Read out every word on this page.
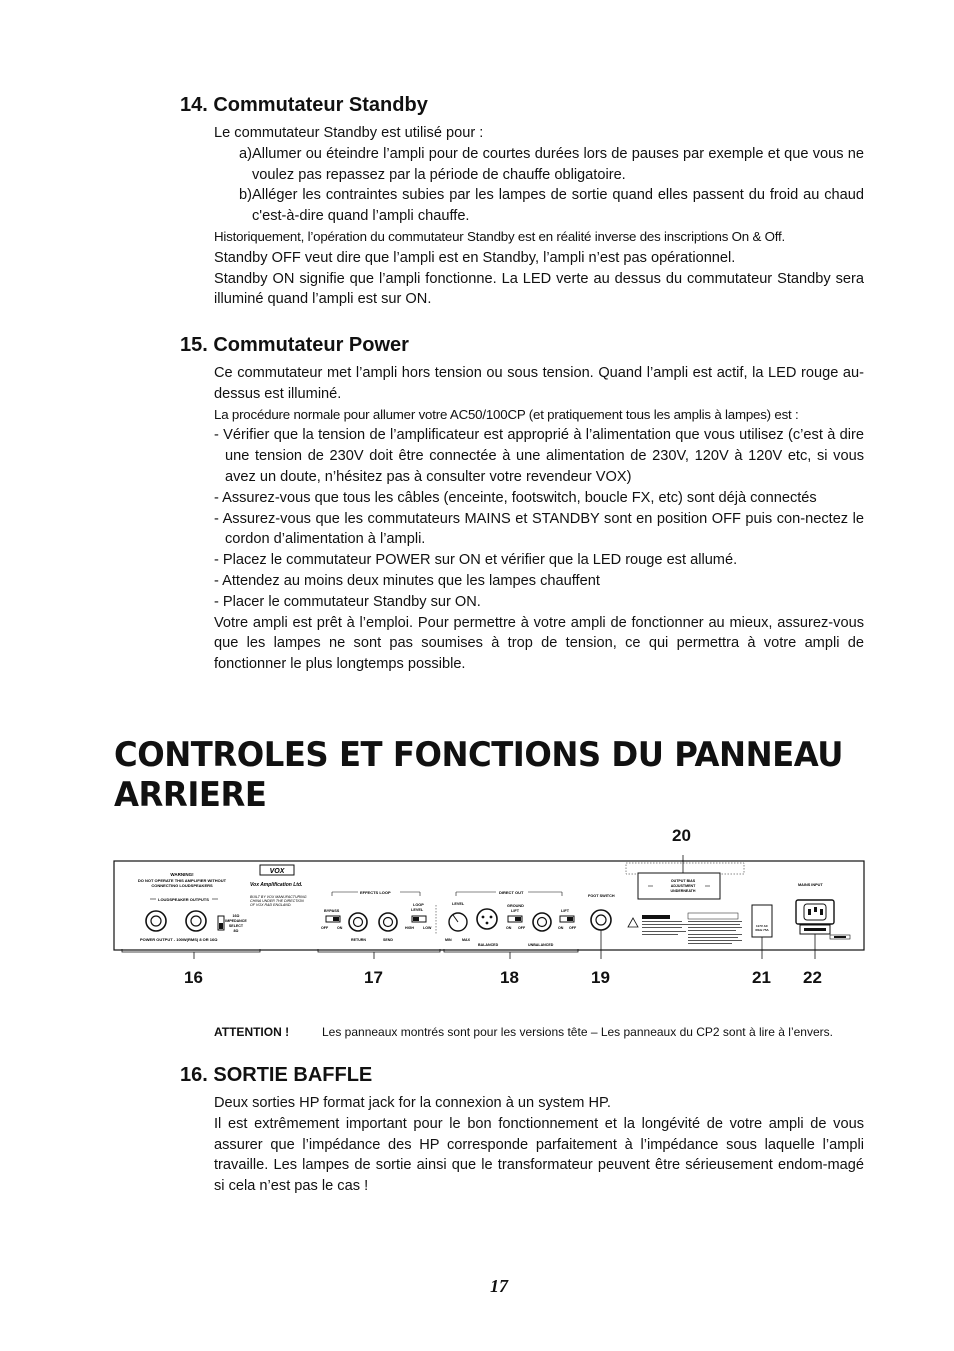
14. Commutateur Standby

Le commutateur Standby est utilisé pour :

a) Allumer ou éteindre l’ampli pour de courtes durées lors de pauses par exemple et que vous ne voulez pas repassez par la période de chauffe obligatoire.
b) Alléger les contraintes subies par les lampes de sortie quand elles passent du froid au chaud c'est-à-dire quand l’ampli chauffe.

Historiquement, l’opération du commutateur Standby est en réalité inverse des inscriptions On & Off.

Standby OFF veut dire que l’ampli est en Standby, l’ampli n’est pas opérationnel.

Standby ON signifie que l’ampli fonctionne. La LED verte au dessus du commutateur Standby sera illuminé quand l’ampli est sur ON.

15. Commutateur Power

Ce commutateur met l’ampli hors tension ou sous tension. Quand l’ampli est actif, la LED rouge au-dessus est illuminé.

La procédure normale pour allumer votre AC50/100CP (et pratiquement tous les amplis à lampes) est :

- Vérifier que la tension de l’amplificateur est approprié à l’alimentation que vous utilisez (c’est à dire une tension de 230V doit être connectée à une alimentation de 230V, 120V à 120V etc, si vous avez un doute, n’hésitez pas à consulter votre revendeur VOX)

- Assurez-vous que tous les câbles (enceinte, footswitch, boucle FX, etc) sont déjà connectés

- Assurez-vous que les commutateurs MAINS et STANDBY sont en position OFF puis con-nectez le cordon d’alimentation à l’ampli.

- Placez le commutateur POWER sur ON et vérifier que la LED rouge est allumé.

- Attendez au moins deux minutes que les lampes chauffent

- Placer le commutateur Standby sur ON.

Votre ampli est prêt à l’emploi. Pour permettre à votre ampli de fonctionner au mieux, assurez-vous que les lampes ne sont pas soumises à trop de tension, ce qui permettra à votre ampli de fonctionner le plus longtemps possible.

CONTROLES ET FONCTIONS DU PANNEAU ARRIERE
20
WARNING!
DO NOT OPERATE THIS AMPLIFIER WITHOUT
CONNECTING LOUDSPEAKERS
VOX
Vox Amplification Ltd.
BUILT BY VOX MANUFACTURING
CHINA UNDER THE DIRECTION
OF VOX R&D ENGLAND.
LOUDSPEAKER OUTPUTS
16Ω
IMPEDANCE
SELECT
8Ω
POWER OUTPUT - 100W(RMS) 8 OR 16Ω
EFFECTS LOOP
BYPASS
OFF ON
RETURN	SEND
LOOP
LEVEL
HIGH	LOW
DIRECT OUT
LEVEL
MIN	MAX
BALANCED
GROUND
LIFT
ON OFF
UNBALANCED
LIFT
ON OFF
FOOT SWITCH
OUTPUT BIAS
ADJUSTMENT
UNDERNEATH
117V AC
60Hz 75A
MAINS INPUT
16	17	18	19	21 22
ATTENTION !	Les panneaux montrés sont pour les versions tête – Les panneaux du CP2 sont à lire à l’envers.
16. SORTIE BAFFLE

Deux sorties HP format jack for la connexion à un system HP.

Il est extrêmement important pour le bon fonctionnement et la longévité de votre ampli de vous assurer que l’impédance des HP corresponde parfaitement à l’impédance sous laquelle l’ampli travaille. Les lampes de sortie ainsi que le transformateur peuvent être sérieusement endom-magé si cela n’est pas le cas !

17
